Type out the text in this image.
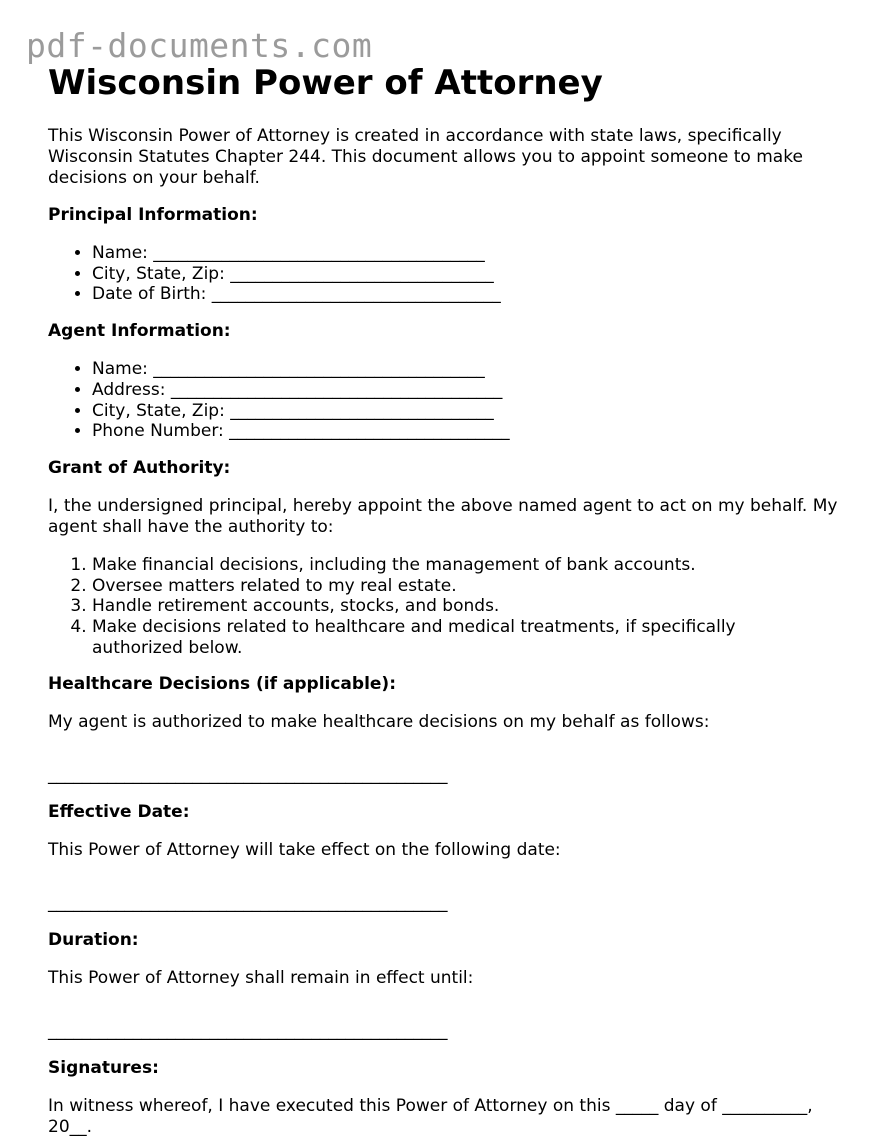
pdf-documents.com
Wisconsin Power of Attorney

This Wisconsin Power of Attorney is created in accordance with state laws, specifically Wisconsin Statutes Chapter 244. This document allows you to appoint someone to make decisions on your behalf.

Principal Information:
• Name: _______________________________________
• City, State, Zip: _______________________________
• Date of Birth: __________________________________
Agent Information:
• Name: _______________________________________
• Address: _______________________________________
• City, State, Zip: _______________________________
• Phone Number: _________________________________
Grant of Authority:

I, the undersigned principal, hereby appoint the above named agent to act on my behalf. My agent shall have the authority to:

1. Make financial decisions, including the management of bank accounts.
2. Oversee matters related to my real estate.
3. Handle retirement accounts, stocks, and bonds.
4. Make decisions related to healthcare and medical treatments, if specifically authorized below.
Healthcare Decisions (if applicable):

My agent is authorized to make healthcare decisions on my behalf as follows:

_______________________________________________

Effective Date:

This Power of Attorney will take effect on the following date:

_______________________________________________

Duration:

This Power of Attorney shall remain in effect until:

_______________________________________________

Signatures:

In witness whereof, I have executed this Power of Attorney on this _____ day of __________, 20__.
